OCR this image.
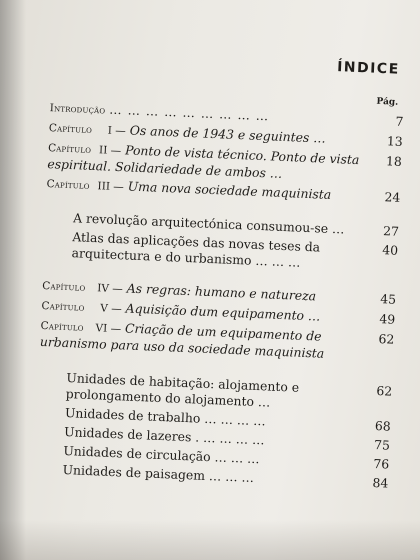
ÍNDICE
Pág.
Introdução … … … … … … … … …	7
Capítulo I — Os anos de 1943 e seguintes …	13
Capítulo II — Ponto de vista técnico. Ponto de vista espiritual. Solidariedade de ambos …	18
Capítulo III — Uma nova sociedade maquinista	24
A revolução arquitectónica consumou-se …	27
Atlas das aplicações das novas teses da arquitectura e do urbanismo … … …	40
Capítulo IV — As regras: humano e natureza	45
Capítulo V — Aquisição dum equipamento …	49
Capítulo VI — Criação de um equipamento de urbanismo para uso da sociedade maquinista	62
Unidades de habitação: alojamento e prolongamento do alojamento …	62
Unidades de trabalho … … … …	68
Unidades de lazeres . … … … …	75
Unidades de circulação … … …	76
Unidades de paisagem … … …	84
